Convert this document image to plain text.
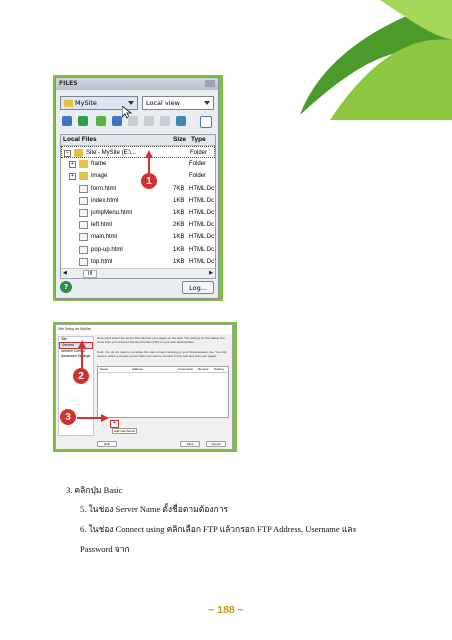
FILES
MySite	Local view
Local Files	Size Type
−	Site - MySite (E:\...	Folder
+	frame	Folder
+	image	Folder
form.html	7KB HTML Dc
index.html	1KB HTML Dc
jumpMenu.html	1KB HTML Dc
left.html	2KB HTML Dc
main.html	1KB HTML Dc
pop-up.html	1KB HTML Dc
top.html	1KB HTML Dc
◀	III	▶
?	Log...
1
Site Setup for MySite
Site
Servers
Version Control
Advanced Settings
Here you'll select the server that will host your pages on the web. The settings for this dialog box come from your Internet Service Provider (ISP) or your web administrator.
Note: You do not need to complete this step to begin working on your Dreamweaver site. You only need to define a remote server when you want to connect to the web and post your pages.
Name	Address	Connection Remote Testing
+
Add new Server
Help	Save	Cancel
2
3
3. คลิกปุ่ม Basic
5. ในช่อง Server Name ตั้งชื่อตามต้องการ
6. ในช่อง Connect using คลิกเลือก FTP แล้วกรอก FTP Address, Username และ
Password จาก
~ 188 ~
